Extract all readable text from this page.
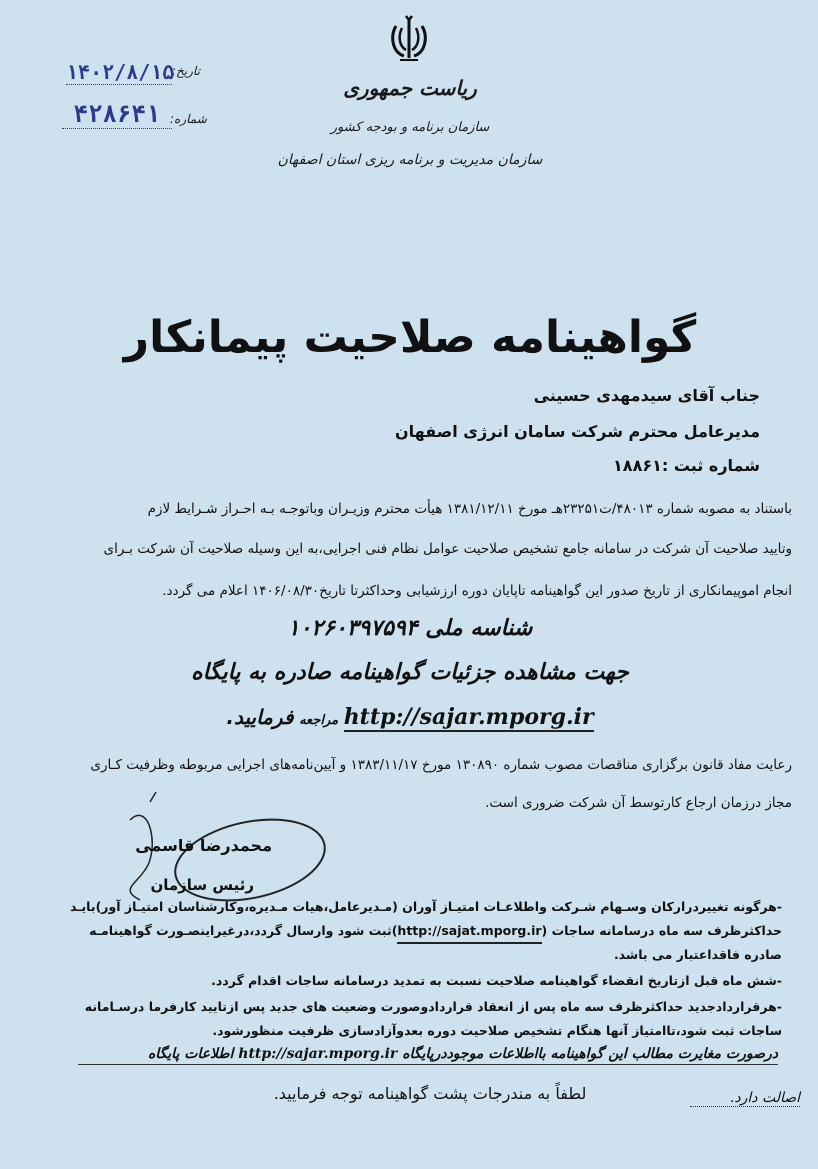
تاریخ:
۱۴۰۲/۸/۱۵
شماره:
۴۲۸۶۴۱
ریاست جمهوری
سازمان برنامه و بودجه کشور
سازمان مدیریت و برنامه ریزی استان اصفهان
گواهینامه صلاحیت پیمانکار
جناب آقای سیدمهدی حسینی
مدیرعامل محترم شرکت سامان انرژی اصفهان
شماره ثبت :۱۸۸۶۱
باستناد به مصوبه شماره ۴۸۰۱۳/ت۲۳۲۵۱هـ مورخ ۱۳۸۱/۱۲/۱۱ هیأت محترم وزیـران وباتوجـه بـه احـراز شـرایط لازم
وتایید صلاحیت آن شرکت در سامانه جامع تشخیص صلاحیت عوامل نظام فنی اجرایی،به این وسیله صلاحیت آن شرکت بـرای
انجام اموپیمانکاری از تاریخ صدور این گواهینامه تاپایان دوره ارزشیابی وحداکثرتا تاریخ۱۴۰۶/۰۸/۳۰ اعلام می گردد.
شناسه ملی ۱۰۲۶۰۳۹۷۵۹۴
جهت مشاهده جزئیات گواهینامه صادره به پایگاه
http://sajar.mporg.ir مراجعه فرمایید.
رعایت مفاد قانون برگزاری مناقصات مصوب شماره ۱۳۰۸۹۰ مورخ ۱۳۸۳/۱۱/۱۷ و آیین‌نامه‌های اجرایی مربوطه وظرفیت کـاری
مجاز درزمان ارجاع کارتوسط آن شرکت ضروری است.
محمدرضا قاسمی
رئیس سازمان
-هرگونه تغییردرارکان وسـهام شـرکت واطلاعـات امتیـاز آوران (مـدیرعامل،هیات مـدیره،وکارشناسان امتیـاز آور)بایـد
حداکثرظرف سه ماه درسامانه ساجات (http://sajat.mporg.ir)ثبت شود وارسال گردد،درغیراینصـورت گواهینامـه
صادره فاقداعتبار می باشد.
-شش ماه قبل ازتاریخ انقضاء گواهینامه صلاحیت نسبت به تمدید درسامانه ساجات اقدام گردد.
-هرقراردادجدید حداکثرظرف سه ماه پس از انعقاد قراردادوصورت وضعیت های جدید پس ازتایید کارفرما درسـامانه
ساجات ثبت شود،تاامتیاز آنها هنگام تشخیص صلاحیت دوره بعدوآزادسازی ظرفیت منظورشود.
درصورت مغایرت مطالب این گواهینامه بااطلاعات موجوددرپایگاه http://sajar.mporg.ir اطلاعات پایگاه
لطفاً به مندرجات پشت گواهینامه توجه فرمایید.	اصالت دارد.
